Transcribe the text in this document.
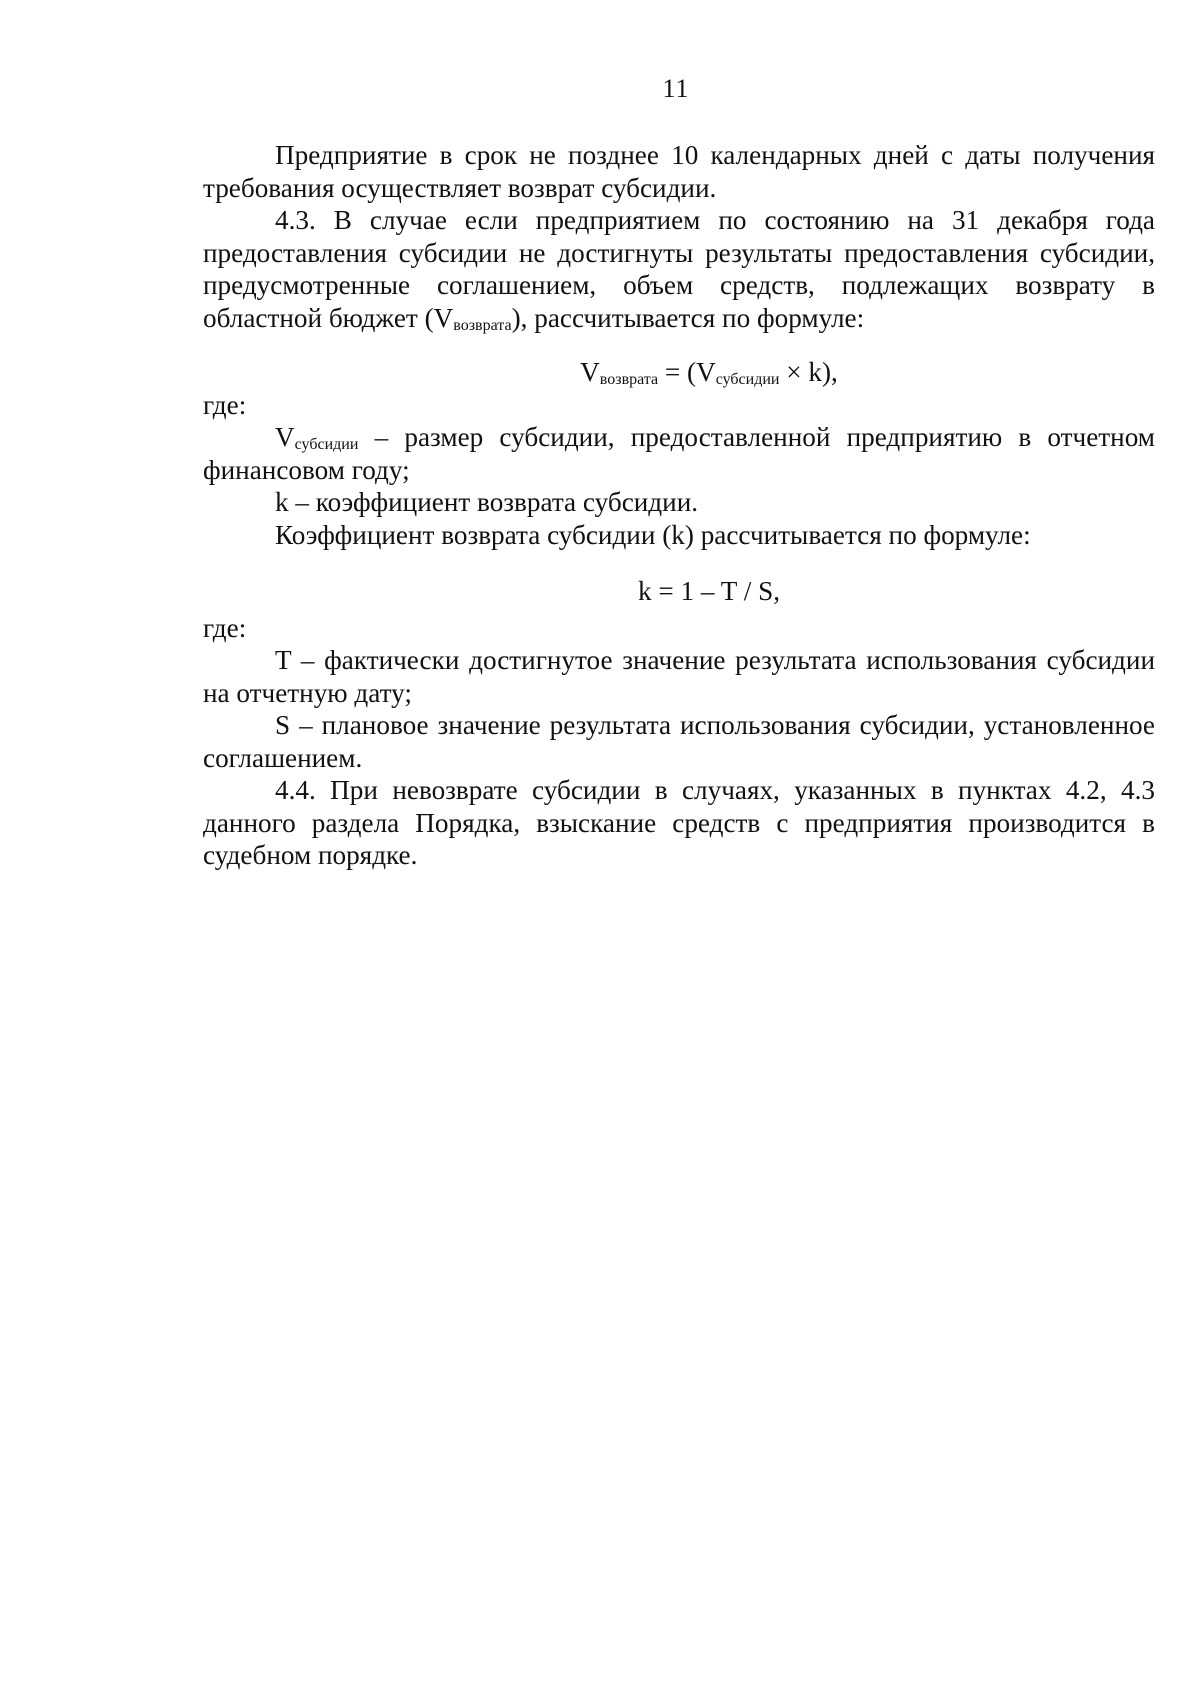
11

Предприятие в срок не позднее 10 календарных дней с даты получения требования осуществляет возврат субсидии.

4.3. В случае если предприятием по состоянию на 31 декабря года предоставления субсидии не достигнуты результаты предоставления субсидии, предусмотренные соглашением, объем средств, подлежащих возврату в областной бюджет $(V_{возврата})$, рассчитывается по формуле:

$V_{возврата} = (V_{субсидии} \times k)$,

где:

$V_{субсидии}$ – размер субсидии, предоставленной предприятию в отчетном финансовом году;

k – коэффициент возврата субсидии.

Коэффициент возврата субсидии (k) рассчитывается по формуле:

k = 1 – T / S,

где:

T – фактически достигнутое значение результата использования субсидии на отчетную дату;

S – плановое значение результата использования субсидии, установленное соглашением.

4.4. При невозврате субсидии в случаях, указанных в пунктах 4.2, 4.3 данного раздела Порядка, взыскание средств с предприятия производится в судебном порядке.
